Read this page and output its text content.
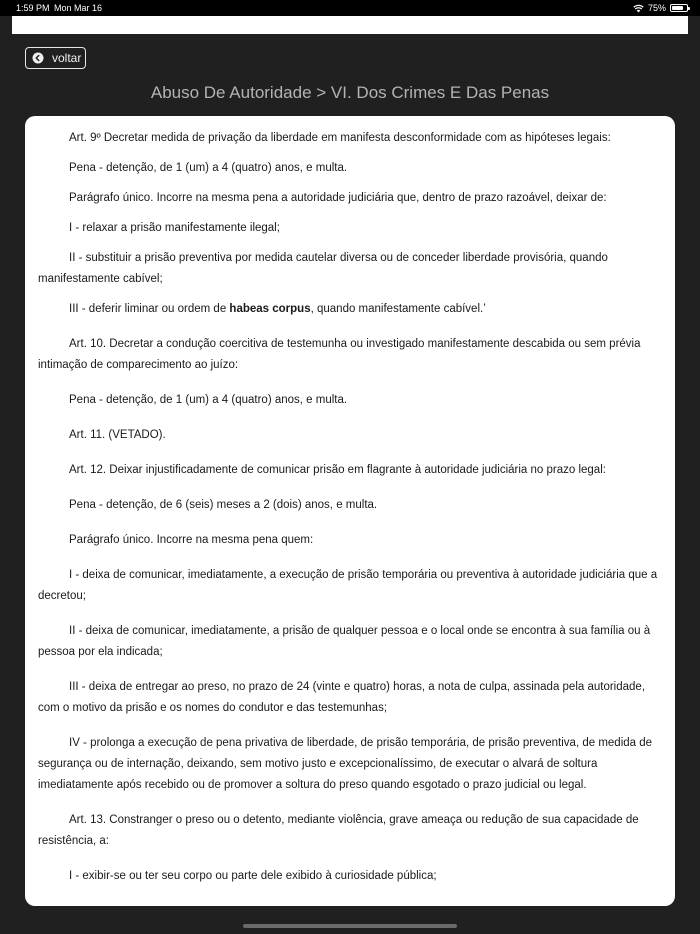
1:59 PM Mon Mar 16	75%
voltar
Abuso De Autoridade > VI. Dos Crimes E Das Penas

Art. 9º Decretar medida de privação da liberdade em manifesta desconformidade com as hipóteses legais:

Pena - detenção, de 1 (um) a 4 (quatro) anos, e multa.

Parágrafo único. Incorre na mesma pena a autoridade judiciária que, dentro de prazo razoável, deixar de:

I - relaxar a prisão manifestamente ilegal;

II - substituir a prisão preventiva por medida cautelar diversa ou de conceder liberdade provisória, quando manifestamente cabível;

III - deferir liminar ou ordem de habeas corpus, quando manifestamente cabível.’

Art. 10. Decretar a condução coercitiva de testemunha ou investigado manifestamente descabida ou sem prévia intimação de comparecimento ao juízo:

Pena - detenção, de 1 (um) a 4 (quatro) anos, e multa.

Art. 11. (VETADO).

Art. 12. Deixar injustificadamente de comunicar prisão em flagrante à autoridade judiciária no prazo legal:

Pena - detenção, de 6 (seis) meses a 2 (dois) anos, e multa.

Parágrafo único. Incorre na mesma pena quem:

I - deixa de comunicar, imediatamente, a execução de prisão temporária ou preventiva à autoridade judiciária que a decretou;

II - deixa de comunicar, imediatamente, a prisão de qualquer pessoa e o local onde se encontra à sua família ou à pessoa por ela indicada;

III - deixa de entregar ao preso, no prazo de 24 (vinte e quatro) horas, a nota de culpa, assinada pela autoridade, com o motivo da prisão e os nomes do condutor e das testemunhas;

IV - prolonga a execução de pena privativa de liberdade, de prisão temporária, de prisão preventiva, de medida de segurança ou de internação, deixando, sem motivo justo e excepcionalíssimo, de executar o alvará de soltura imediatamente após recebido ou de promover a soltura do preso quando esgotado o prazo judicial ou legal.

Art. 13. Constranger o preso ou o detento, mediante violência, grave ameaça ou redução de sua capacidade de resistência, a:

I - exibir-se ou ter seu corpo ou parte dele exibido à curiosidade pública;
